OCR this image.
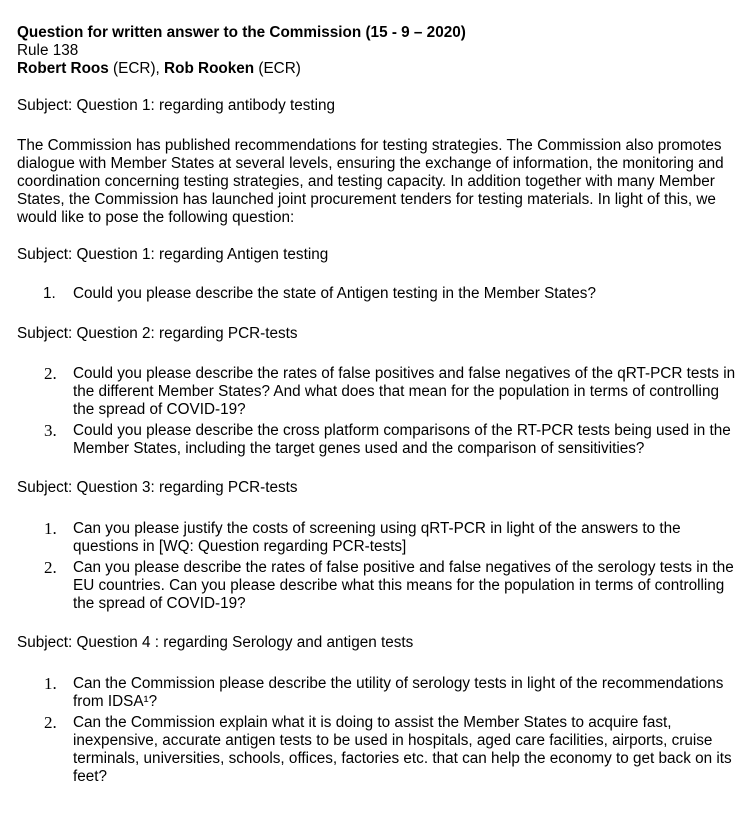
Question for written answer to the Commission (15 - 9 – 2020)

Rule 138

Robert Roos (ECR), Rob Rooken (ECR)

Subject: Question 1: regarding antibody testing

The Commission has published recommendations for testing strategies. The Commission also promotes dialogue with Member States at several levels, ensuring the exchange of information, the monitoring and coordination concerning testing strategies, and testing capacity. In addition together with many Member States, the Commission has launched joint procurement tenders for testing materials. In light of this, we would like to pose the following question:

Subject: Question 1: regarding Antigen testing

1. Could you please describe the state of Antigen testing in the Member States?

Subject: Question 2: regarding PCR-tests

2. Could you please describe the rates of false positives and false negatives of the qRT-PCR tests in the different Member States? And what does that mean for the population in terms of controlling the spread of COVID-19?
3. Could you please describe the cross platform comparisons of the RT-PCR tests being used in the Member States, including the target genes used and the comparison of sensitivities?

Subject: Question 3: regarding PCR-tests

1. Can you please justify the costs of screening using qRT-PCR in light of the answers to the questions in [WQ: Question regarding PCR-tests]
2. Can you please describe the rates of false positive and false negatives of the serology tests in the EU countries. Can you please describe what this means for the population in terms of controlling the spread of COVID-19?

Subject: Question 4 : regarding Serology and antigen tests

1. Can the Commission please describe the utility of serology tests in light of the recommendations from IDSA¹?
2. Can the Commission explain what it is doing to assist the Member States to acquire fast, inexpensive, accurate antigen tests to be used in hospitals, aged care facilities, airports, cruise terminals, universities, schools, offices, factories etc. that can help the economy to get back on its feet?
